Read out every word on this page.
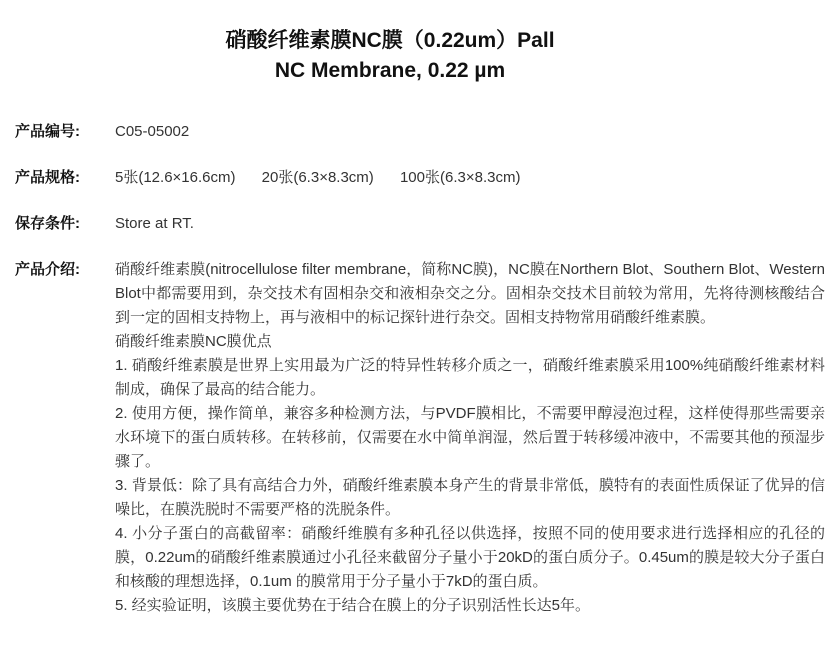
硝酸纤维素膜NC膜（0.22um）Pall
NC Membrane, 0.22 µm
产品编号:	C05-05002
产品规格:	5张(12.6×16.6cm) 20张(6.3×8.3cm) 100张(6.3×8.3cm)
保存条件:	Store at RT.
产品介绍:	硝酸纤维素膜(nitrocellulose filter membrane，简称NC膜)，NC膜在Northern Blot、Southern Blot、Western Blot中都需要用到，杂交技术有固相杂交和液相杂交之分。固相杂交技术目前较为常用，先将待测核酸结合到一定的固相支持物上，再与液相中的标记探针进行杂交。固相支持物常用硝酸纤维素膜。

硝酸纤维素膜NC膜优点

1. 硝酸纤维素膜是世界上实用最为广泛的特异性转移介质之一，硝酸纤维素膜采用100%纯硝酸纤维素材料制成，确保了最高的结合能力。

2. 使用方便，操作简单，兼容多种检测方法，与PVDF膜相比，不需要甲醇浸泡过程，这样使得那些需要亲水环境下的蛋白质转移。在转移前，仅需要在水中简单润湿，然后置于转移缓冲液中，不需要其他的预湿步骤了。

3. 背景低：除了具有高结合力外，硝酸纤维素膜本身产生的背景非常低，膜特有的表面性质保证了优异的信噪比，在膜洗脱时不需要严格的洗脱条件。

4. 小分子蛋白的高截留率：硝酸纤维膜有多种孔径以供选择，按照不同的使用要求进行选择相应的孔径的膜，0.22um的硝酸纤维素膜通过小孔径来截留分子量小于20kD的蛋白质分子。0.45um的膜是较大分子蛋白和核酸的理想选择，0.1um 的膜常用于分子量小于7kD的蛋白质。

5. 经实验证明，该膜主要优势在于结合在膜上的分子识别活性长达5年。
